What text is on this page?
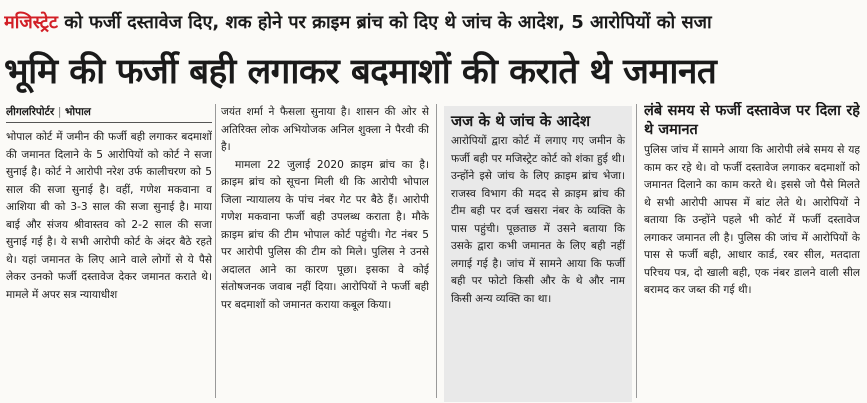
मजिस्ट्रेट को फर्जी दस्तावेज दिए, शक होने पर क्राइम ब्रांच को दिए थे जांच के आदेश, 5 आरोपियों को सजा
भूमि की फर्जी बही लगाकर बदमाशों की कराते थे जमानत
लीगलरिपोर्टर | भोपाल

भोपाल कोर्ट में जमीन की फर्जी बही लगाकर बदमाशों की जमानत दिलाने के 5 आरोपियों को कोर्ट ने सजा सुनाई है। कोर्ट ने आरोपी नरेश उर्फ कालीचरण को 5 साल की सजा सुनाई है। वहीं, गणेश मकवाना व आशिया बी को 3-3 साल की सजा सुनाई है। माया बाई और संजय श्रीवास्तव को 2-2 साल की सजा सुनाई गई है। ये सभी आरोपी कोर्ट के अंदर बैठे रहते थे। यहां जमानत के लिए आने वाले लोगों से ये पैसे लेकर उनको फर्जी दस्तावेज देकर जमानत कराते थे। मामले में अपर सत्र न्यायाधीश

जयंत शर्मा ने फैसला सुनाया है। शासन की ओर से अतिरिक्त लोक अभियोजक अनिल शुक्ला ने पैरवी की है।

मामला 22 जुलाई 2020 क्राइम ब्रांच का है। क्राइम ब्रांच को सूचना मिली थी कि आरोपी भोपाल जिला न्यायालय के पांच नंबर गेट पर बैठे हैं। आरोपी गणेश मकवाना फर्जी बही उपलब्ध कराता है। मौके क्राइम ब्रांच की टीम भोपाल कोर्ट पहुंची। गेट नंबर 5 पर आरोपी पुलिस की टीम को मिले। पुलिस ने उनसे अदालत आने का कारण पूछा। इसका वे कोई संतोषजनक जवाब नहीं दिया। आरोपियों ने फर्जी बही पर बदमाशों को जमानत कराया कबूल किया।

जज के थे जांच के आदेश

आरोपियों द्वारा कोर्ट में लगाए गए जमीन के फर्जी बही पर मजिस्ट्रेट कोर्ट को शंका हुई थी। उन्होंने इसे जांच के लिए क्राइम ब्रांच भेजा। राजस्व विभाग की मदद से क्राइम ब्रांच की टीम बही पर दर्ज खसरा नंबर के व्यक्ति के पास पहुंची। पूछताछ में उसने बताया कि उसके द्वारा कभी जमानत के लिए बही नहीं लगाई गई है। जांच में सामने आया कि फर्जी बही पर फोटो किसी और के थे और नाम किसी अन्य व्यक्ति का था।

लंबे समय से फर्जी दस्तावेज पर दिला रहे थे जमानत

पुलिस जांच में सामने आया कि आरोपी लंबे समय से यह काम कर रहे थे। वो फर्जी दस्तावेज लगाकर बदमाशों को जमानत दिलाने का काम करते थे। इससे जो पैसे मिलते थे सभी आरोपी आपस में बांट लेते थे। आरोपियों ने बताया कि उन्होंने पहले भी कोर्ट में फर्जी दस्तावेज लगाकर जमानत ली है। पुलिस की जांच में आरोपियों के पास से फर्जी बही, आधार कार्ड, रबर सील, मतदाता परिचय पत्र, दो खाली बही, एक नंबर डालने वाली सील बरामद कर जब्त की गई थी।
